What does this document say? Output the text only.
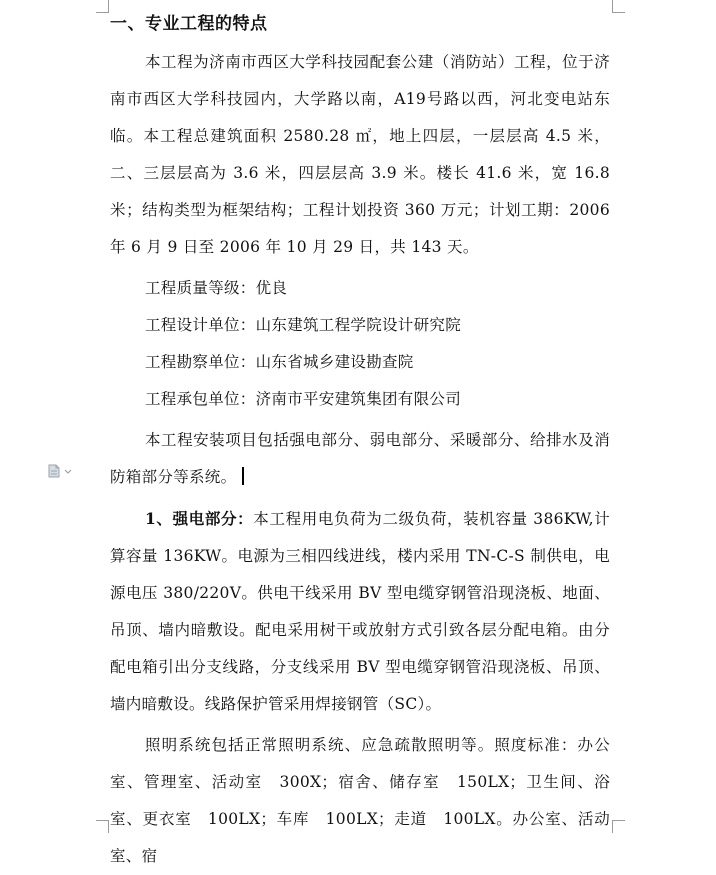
一、专业工程的特点

本工程为济南市西区大学科技园配套公建（消防站）工程，位于济南市西区大学科技园内，大学路以南，A19号路以西，河北变电站东临。本工程总建筑面积 2580.28 ㎡，地上四层，一层层高 4.5 米，二、三层层高为 3.6 米，四层层高 3.9 米。楼长 41.6 米，宽 16.8 米；结构类型为框架结构；工程计划投资 360 万元；计划工期：2006 年 6 月 9 日至 2006 年 10 月 29 日，共 143 天。

工程质量等级：优良

工程设计单位：山东建筑工程学院设计研究院

工程勘察单位：山东省城乡建设勘查院

工程承包单位：济南市平安建筑集团有限公司

本工程安装项目包括强电部分、弱电部分、采暖部分、给排水及消防箱部分等系统。

1、强电部分：本工程用电负荷为二级负荷，装机容量 386KW,计算容量 136KW。电源为三相四线进线，楼内采用 TN-C-S 制供电，电源电压 380/220V。供电干线采用 BV 型电缆穿钢管沿现浇板、地面、吊顶、墙内暗敷设。配电采用树干或放射方式引致各层分配电箱。由分配电箱引出分支线路，分支线采用 BV 型电缆穿钢管沿现浇板、吊顶、墙内暗敷设。线路保护管采用焊接钢管（SC）。

照明系统包括正常照明系统、应急疏散照明等。照度标准：办公室、管理室、活动室　300X；宿舍、储存室　150LX；卫生间、浴室、更衣室　100LX；车库　100LX；走道　100LX。办公室、活动室、宿
